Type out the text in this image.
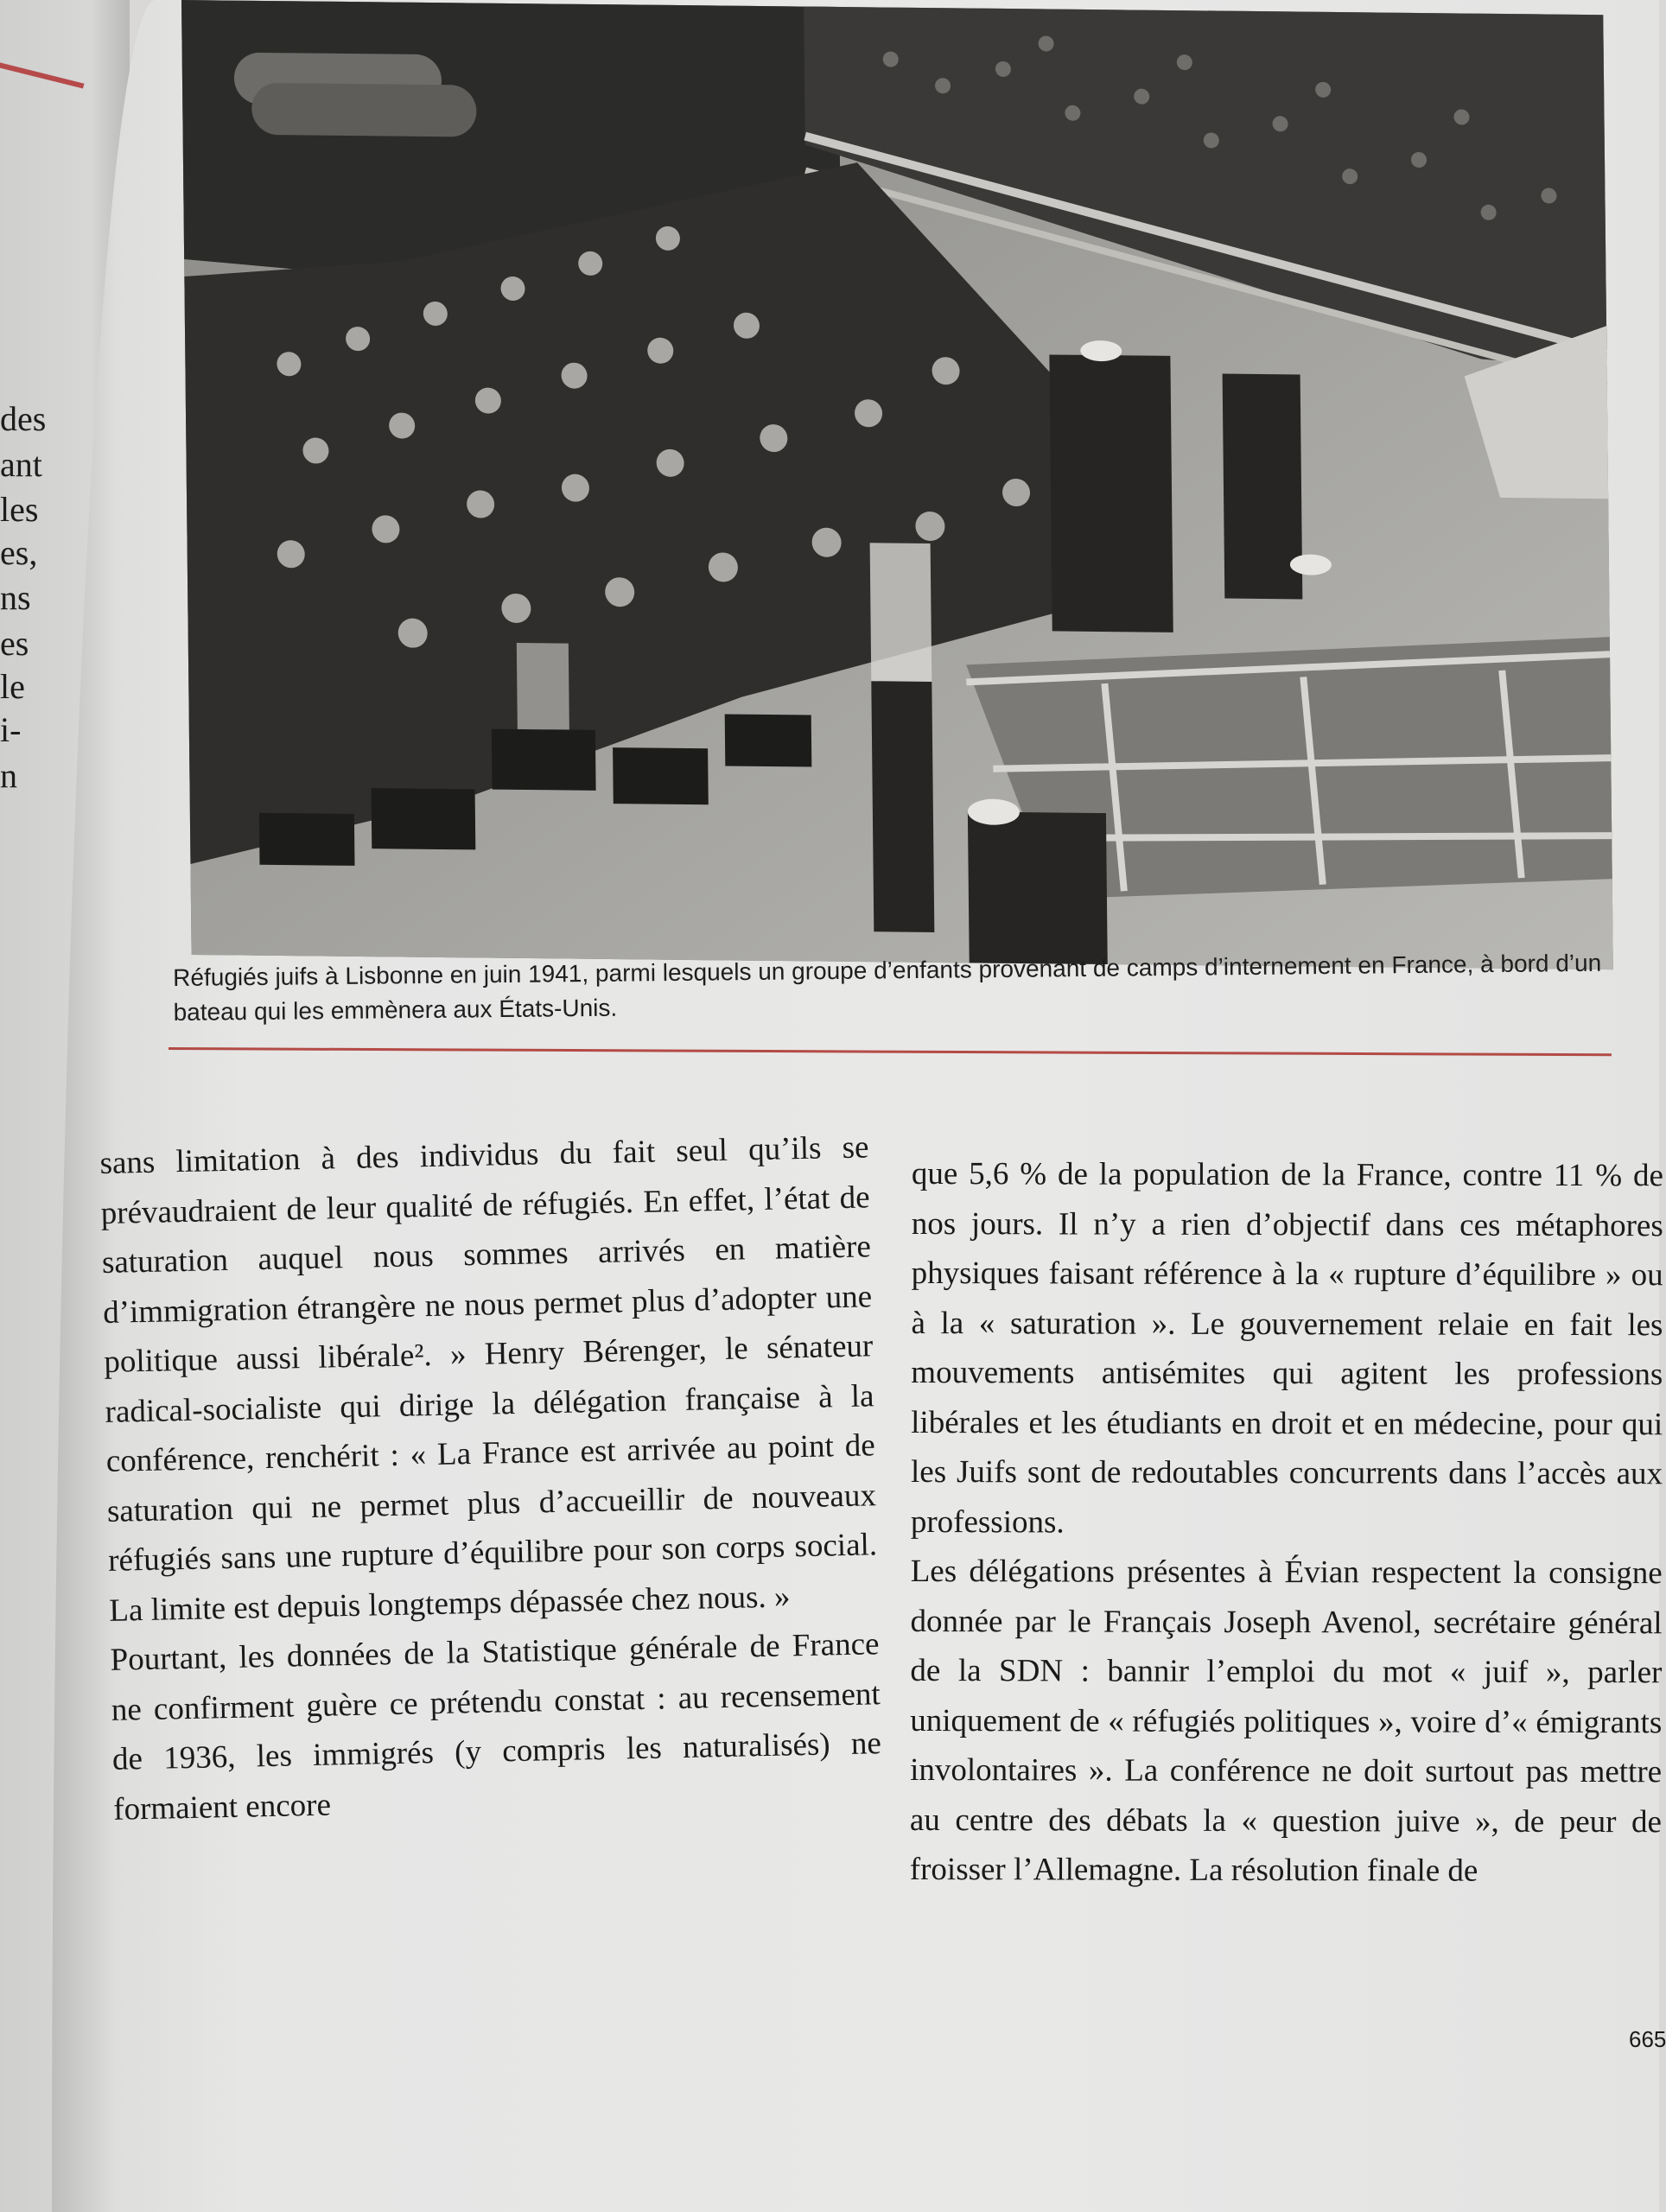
des
ant
les
es,
ns
es
le
i-
n
Réfugiés juifs à Lisbonne en juin 1941, parmi lesquels un groupe d’enfants provenant de camps d’internement en France, à bord d’un bateau qui les emmènera aux États-Unis.

sans limitation à des individus du fait seul qu’ils se prévaudraient de leur qualité de réfugiés. En effet, l’état de saturation auquel nous sommes arrivés en matière d’immigration étrangère ne nous permet plus d’adopter une politique aussi libérale². » Henry Bérenger, le sénateur radical-socialiste qui dirige la délégation française à la conférence, renchérit : « La France est arrivée au point de saturation qui ne permet plus d’accueillir de nouveaux réfugiés sans une rupture d’équilibre pour son corps social. La limite est depuis longtemps dépassée chez nous. »

Pourtant, les données de la Statistique générale de France ne confirment guère ce prétendu constat : au recensement de 1936, les immigrés (y compris les naturalisés) ne formaient encore

que 5,6 % de la population de la France, contre 11 % de nos jours. Il n’y a rien d’objectif dans ces métaphores physiques faisant référence à la « rupture d’équilibre » ou à la « saturation ». Le gouvernement relaie en fait les mouvements antisémites qui agitent les professions libérales et les étudiants en droit et en médecine, pour qui les Juifs sont de redoutables concurrents dans l’accès aux professions.

Les délégations présentes à Évian respectent la consigne donnée par le Français Joseph Avenol, secrétaire général de la SDN : bannir l’emploi du mot « juif », parler uniquement de « réfugiés politiques », voire d’« émigrants involontaires ». La conférence ne doit surtout pas mettre au centre des débats la « question juive », de peur de froisser l’Allemagne. La résolution finale de

665
